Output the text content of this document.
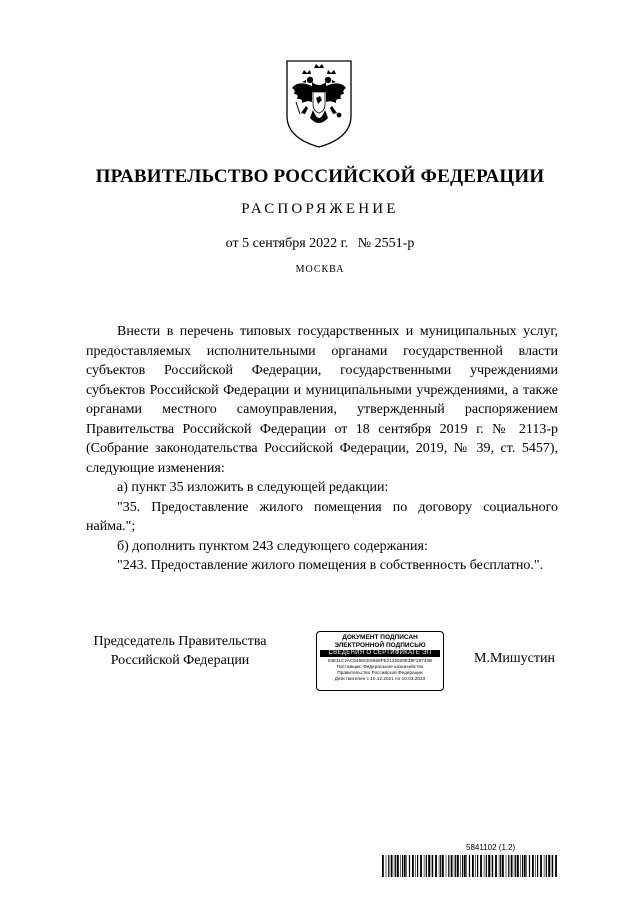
ПРАВИТЕЛЬСТВО РОССИЙСКОЙ ФЕДЕРАЦИИ
РАСПОРЯЖЕНИЕ
от 5 сентября 2022 г. № 2551-р
МОСКВА

Внести в перечень типовых государственных и муниципальных услуг, предоставляемых исполнительными органами государственной власти субъектов Российской Федерации, государственными учреждениями субъектов Российской Федерации и муниципальными учреждениями, а также органами местного самоуправления, утвержденный распоряжением Правительства Российской Федерации от 18 сентября 2019 г. № 2113-р (Собрание законодательства Российской Федерации, 2019, № 39, ст. 5457), следующие изменения:

а) пункт 35 изложить в следующей редакции:

"35. Предоставление жилого помещения по договору социального найма.";

б) дополнить пунктом 243 следующего содержания:

"243. Предоставление жилого помещения в собственность бесплатно.".

Председатель Правительства
Российской Федерации
ДОКУМЕНТ ПОДПИСАН
ЭЛЕКТРОННОЙ ПОДПИСЬЮ
СВЕДЕНИЯ О СЕРТИФИКАТЕ ЭП
04E11C2AC5468CE8668FE2122028E39F29743B
Поставщик: Федеральное казначейство
Правительство Российской Федерации
Действителен с 10.12.2021 по 10.03.2023
М.Мишустин
5841102 (1.2)
